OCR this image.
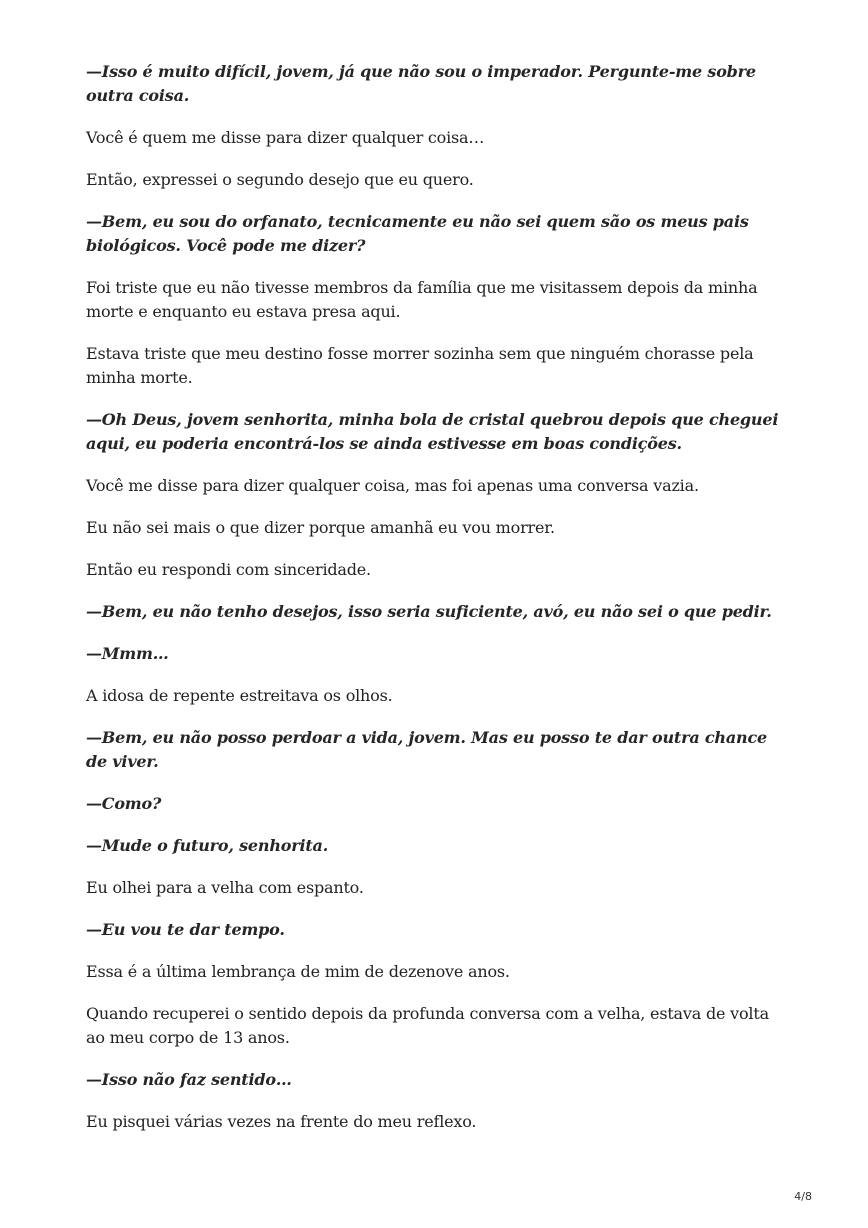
—Isso é muito difícil, jovem, já que não sou o imperador. Pergunte-me sobre outra coisa.

Você é quem me disse para dizer qualquer coisa…

Então, expressei o segundo desejo que eu quero.

—Bem, eu sou do orfanato, tecnicamente eu não sei quem são os meus pais biológicos. Você pode me dizer?

Foi triste que eu não tivesse membros da família que me visitassem depois da minha morte e enquanto eu estava presa aqui.

Estava triste que meu destino fosse morrer sozinha sem que ninguém chorasse pela minha morte.

—Oh Deus, jovem senhorita, minha bola de cristal quebrou depois que cheguei aqui, eu poderia encontrá-los se ainda estivesse em boas condições.

Você me disse para dizer qualquer coisa, mas foi apenas uma conversa vazia.

Eu não sei mais o que dizer porque amanhã eu vou morrer.

Então eu respondi com sinceridade.

—Bem, eu não tenho desejos, isso seria suficiente, avó, eu não sei o que pedir.

—Mmm…

A idosa de repente estreitava os olhos.

—Bem, eu não posso perdoar a vida, jovem. Mas eu posso te dar outra chance de viver.

—Como?

—Mude o futuro, senhorita.

Eu olhei para a velha com espanto.

—Eu vou te dar tempo.

Essa é a última lembrança de mim de dezenove anos.

Quando recuperei o sentido depois da profunda conversa com a velha, estava de volta ao meu corpo de 13 anos.

—Isso não faz sentido…

Eu pisquei várias vezes na frente do meu reflexo.

4/8
